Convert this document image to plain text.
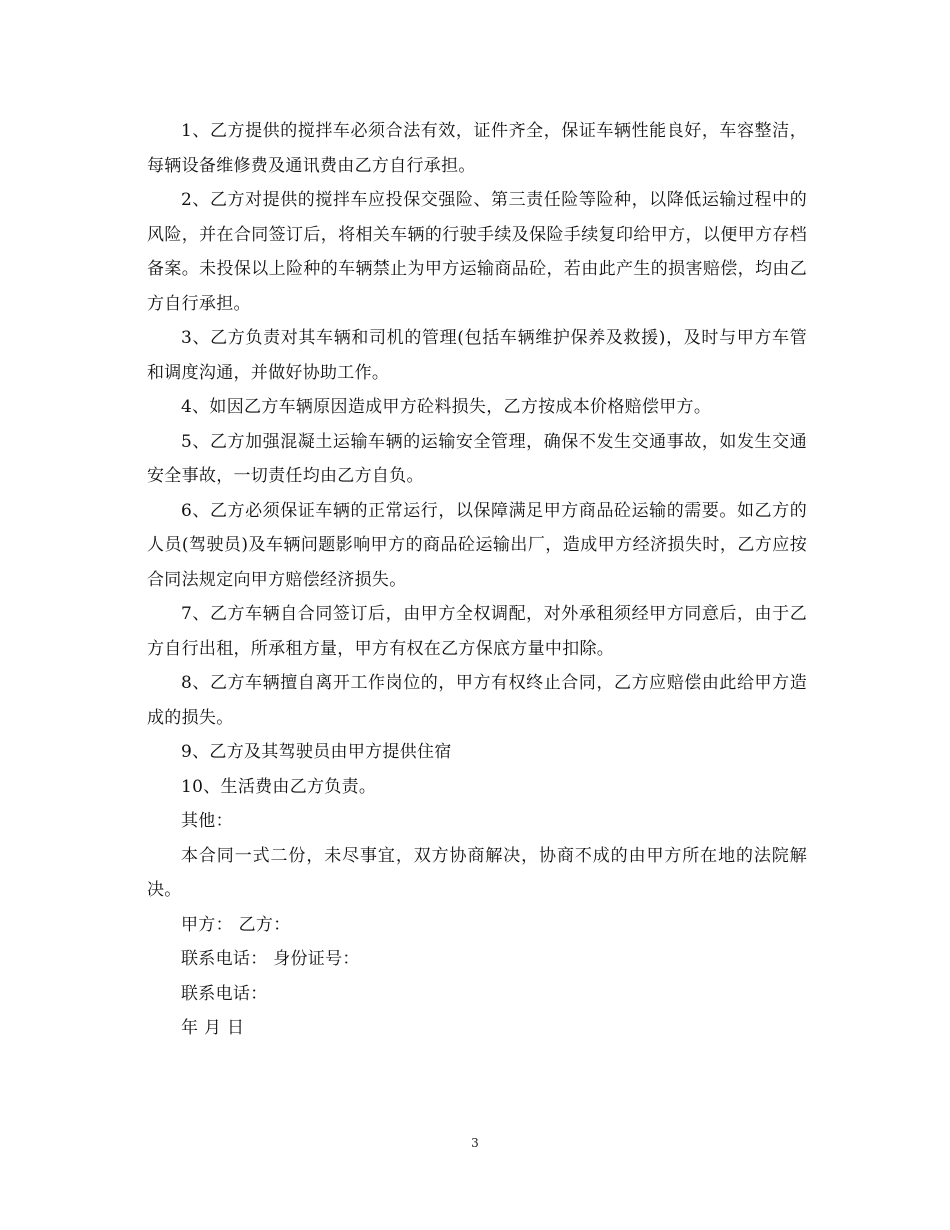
1、乙方提供的搅拌车必须合法有效，证件齐全，保证车辆性能良好，车容整洁，每辆设备维修费及通讯费由乙方自行承担。

2、乙方对提供的搅拌车应投保交强险、第三责任险等险种，以降低运输过程中的风险，并在合同签订后，将相关车辆的行驶手续及保险手续复印给甲方，以便甲方存档备案。未投保以上险种的车辆禁止为甲方运输商品砼，若由此产生的损害赔偿，均由乙方自行承担。

3、乙方负责对其车辆和司机的管理(包括车辆维护保养及救援)，及时与甲方车管和调度沟通，并做好协助工作。

4、如因乙方车辆原因造成甲方砼料损失，乙方按成本价格赔偿甲方。

5、乙方加强混凝土运输车辆的运输安全管理，确保不发生交通事故，如发生交通安全事故，一切责任均由乙方自负。

6、乙方必须保证车辆的正常运行，以保障满足甲方商品砼运输的需要。如乙方的人员(驾驶员)及车辆问题影响甲方的商品砼运输出厂，造成甲方经济损失时，乙方应按合同法规定向甲方赔偿经济损失。

7、乙方车辆自合同签订后，由甲方全权调配，对外承租须经甲方同意后，由于乙方自行出租，所承租方量，甲方有权在乙方保底方量中扣除。

8、乙方车辆擅自离开工作岗位的，甲方有权终止合同，乙方应赔偿由此给甲方造成的损失。

9、乙方及其驾驶员由甲方提供住宿

10、生活费由乙方负责。

其他：

本合同一式二份，未尽事宜，双方协商解决，协商不成的由甲方所在地的法院解决。

甲方： 乙方：

联系电话： 身份证号：

联系电话：

年 月 日

3
